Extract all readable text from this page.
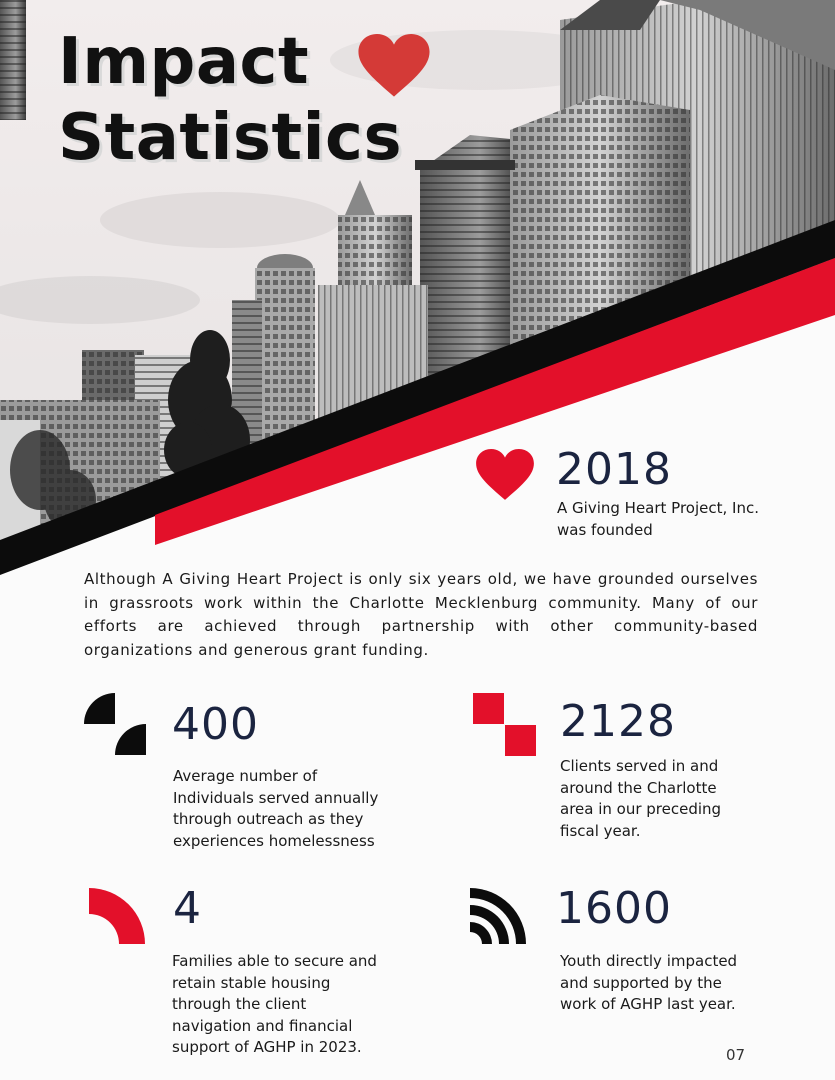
Impact
Statistics
2018
A Giving Heart Project, Inc.
was founded

Although A Giving Heart Project is only six years old, we have grounded ourselves in grassroots work within the Charlotte Mecklenburg community. Many of our efforts are achieved through partnership with other community-based organizations and generous grant funding.

400
Average number of
Individuals served annually
through outreach as they
experiences homelessness
2128
Clients served in and
around the Charlotte
area in our preceding
fiscal year.
4
Families able to secure and
retain stable housing
through the client
navigation and financial
support of AGHP in 2023.
1600
Youth directly impacted
and supported by the
work of AGHP last year.
07
